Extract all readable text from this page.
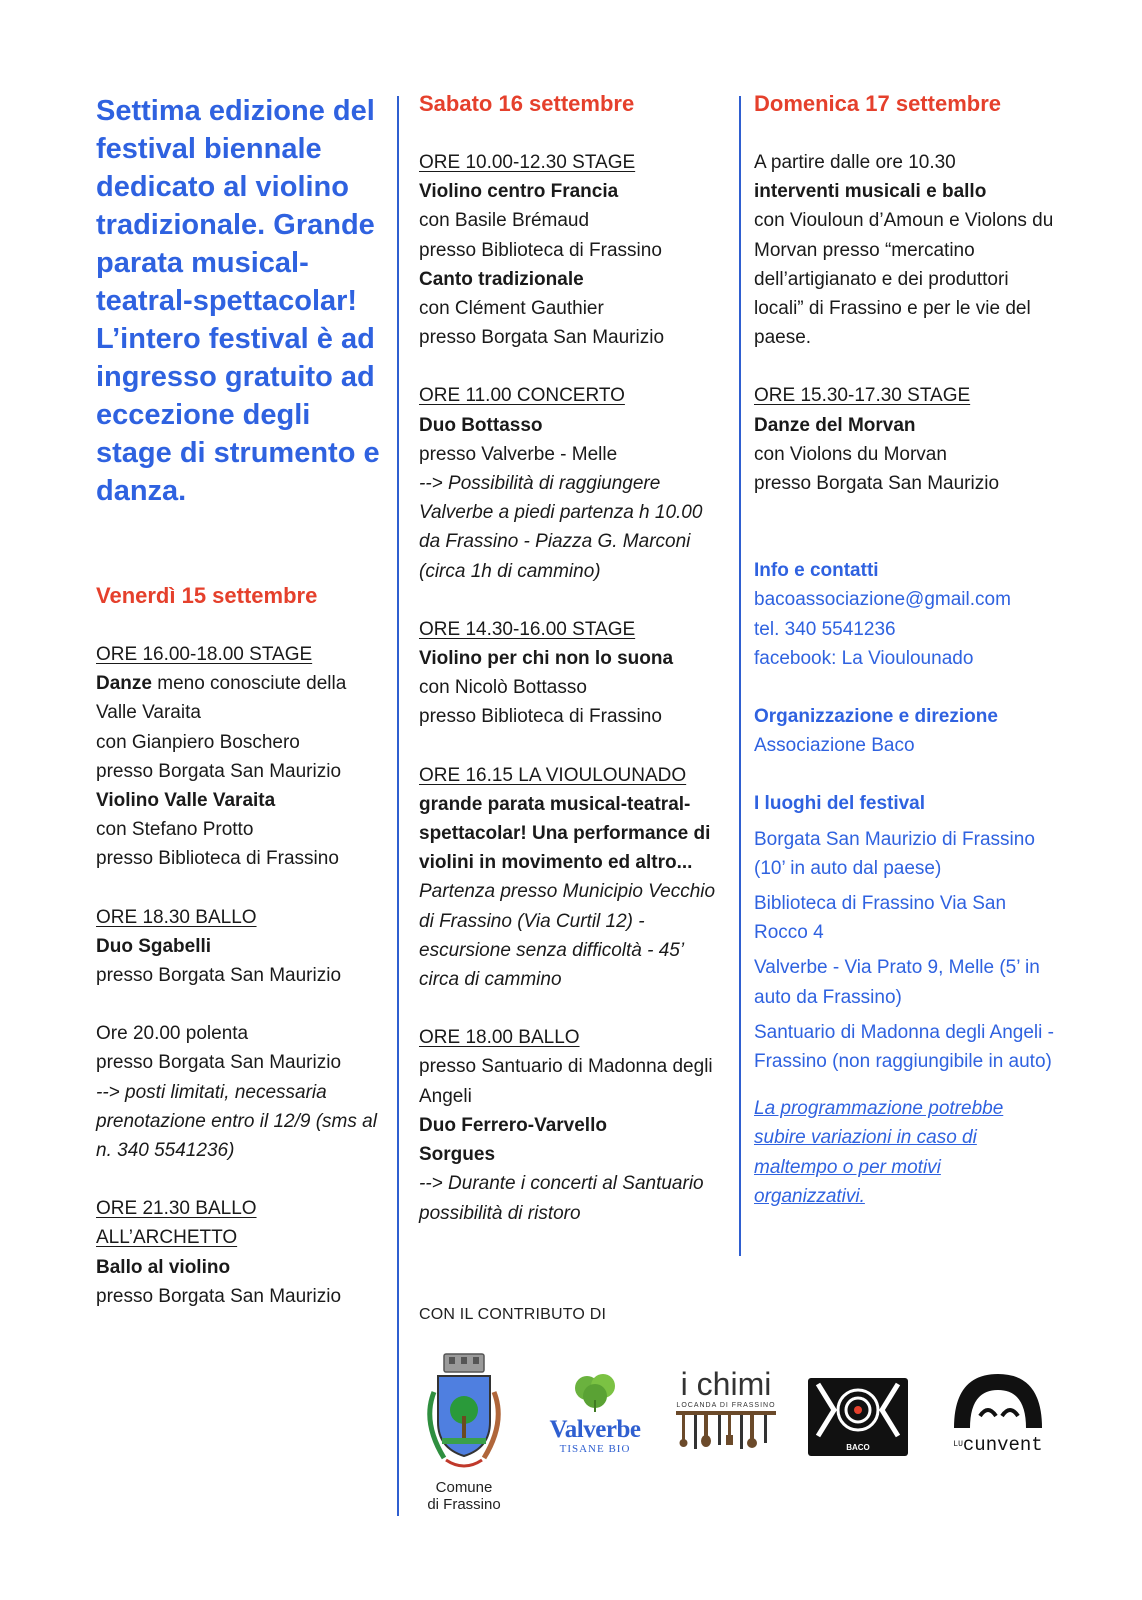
Settima edizione del festival biennale dedicato al violino tradizionale. Grande parata musical-teatral-spettacolar! L’intero festival è ad ingresso gratuito ad eccezione degli stage di strumento e danza.

Venerdì 15 settembre

ORE 16.00-18.00 STAGE

Danze meno conosciute della Valle Varaita

con Gianpiero Boschero

presso Borgata San Maurizio

Violino Valle Varaita

con Stefano Protto

presso Biblioteca di Frassino

ORE 18.30 BALLO

Duo Sgabelli

presso Borgata San Maurizio

Ore 20.00 polenta

presso Borgata San Maurizio

--> posti limitati, necessaria prenotazione entro il 12/9 (sms al n. 340 5541236)

ORE 21.30 BALLO

ALL’ARCHETTO

Ballo al violino

presso Borgata San Maurizio

Sabato 16 settembre

ORE 10.00-12.30 STAGE

Violino centro Francia

con Basile Brémaud

presso Biblioteca di Frassino

Canto tradizionale

con Clément Gauthier

presso Borgata San Maurizio

ORE 11.00 CONCERTO

Duo Bottasso

presso Valverbe - Melle

--> Possibilità di raggiungere Valverbe a piedi partenza h 10.00 da Frassino - Piazza G. Marconi (circa 1h di cammino)

ORE 14.30-16.00 STAGE

Violino per chi non lo suona

con Nicolò Bottasso

presso Biblioteca di Frassino

ORE 16.15 LA VIOULOUNADO

grande parata musical-teatral-spettacolar! Una performance di violini in movimento ed altro...

Partenza presso Municipio Vecchio di Frassino (Via Curtil 12) - escursione senza difficoltà - 45’ circa di cammino

ORE 18.00 BALLO

presso Santuario di Madonna degli Angeli

Duo Ferrero-Varvello

Sorgues

--> Durante i concerti al Santuario possibilità di ristoro

Domenica 17 settembre

A partire dalle ore 10.30

interventi musicali e ballo

con Viouloun d’Amoun e Violons du Morvan presso “mercatino dell’artigianato e dei produttori locali” di Frassino e per le vie del paese.

ORE 15.30-17.30 STAGE

Danze del Morvan

con Violons du Morvan

presso Borgata San Maurizio

Info e contatti

bacoassociazione@gmail.com

tel. 340 5541236

facebook: La Vioulounado

Organizzazione e direzione

Associazione Baco

I luoghi del festival

Borgata San Maurizio di Frassino (10’ in auto dal paese)

Biblioteca di Frassino Via San Rocco 4

Valverbe - Via Prato 9, Melle (5’ in auto da Frassino)

Santuario di Madonna degli Angeli - Frassino (non raggiungibile in auto)

La programmazione potrebbe subire variazioni in caso di maltempo o per motivi organizzativi.

CON IL CONTRIBUTO DI
Comune
di Frassino
Valverbe
TISANE BIO
i chimi
LOCANDA DI FRASSINO
BACO	LUcunvent
